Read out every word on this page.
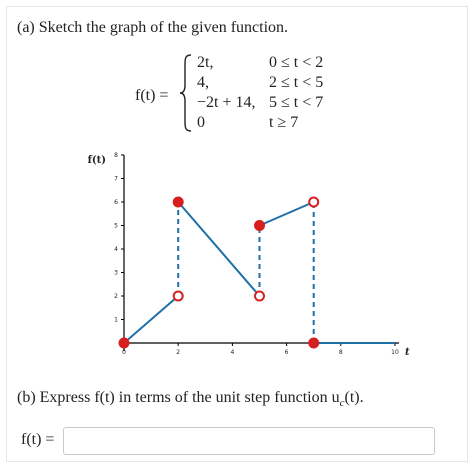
(a) Sketch the graph of the given function.
f(t) =
2t,	0 ≤ t < 2
4,	2 ≤ t < 5
−2t + 14, 5 ≤ t < 7
0	t ≥ 7
0	2	4	6	8	10
1
2
3
4
5
6
7
8
f(t)
t
(b) Express f(t) in terms of the unit step function $u_c(t)$.
f(t) =
